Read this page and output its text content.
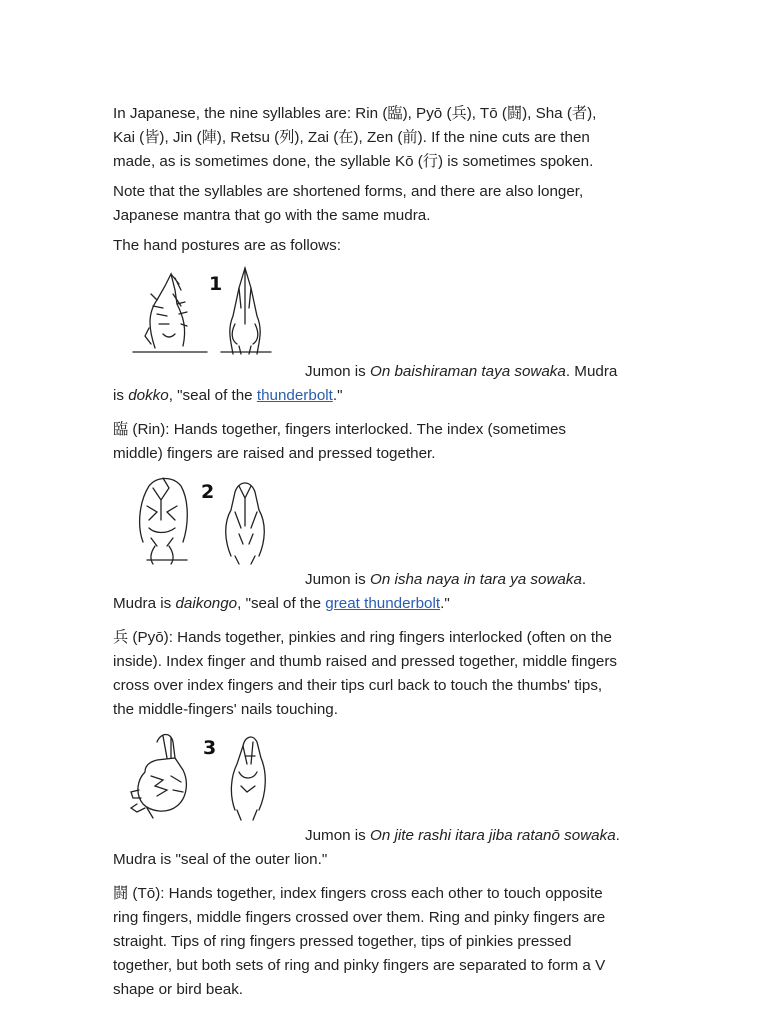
In Japanese, the nine syllables are: Rin (臨), Pyō (兵), Tō (闘), Sha (者),
Kai (皆), Jin (陣), Retsu (列), Zai (在), Zen (前). If the nine cuts are then
made, as is sometimes done, the syllable Kō (行) is sometimes spoken.

Note that the syllables are shortened forms, and there are also longer,
Japanese mantra that go with the same mudra.

The hand postures are as follows:

1

Jumon is On baishiraman taya sowaka. Mudra
is dokko, "seal of the thunderbolt."

臨 (Rin): Hands together, fingers interlocked. The index (sometimes
middle) fingers are raised and pressed together.

2

Jumon is On isha naya in tara ya sowaka.
Mudra is daikongo, "seal of the great thunderbolt."

兵 (Pyō): Hands together, pinkies and ring fingers interlocked (often on the
inside). Index finger and thumb raised and pressed together, middle fingers
cross over index fingers and their tips curl back to touch the thumbs' tips,
the middle-fingers' nails touching.

3

Jumon is On jite rashi itara jiba ratanō sowaka.
Mudra is "seal of the outer lion."

闘 (Tō): Hands together, index fingers cross each other to touch opposite
ring fingers, middle fingers crossed over them. Ring and pinky fingers are
straight. Tips of ring fingers pressed together, tips of pinkies pressed
together, but both sets of ring and pinky fingers are separated to form a V
shape or bird beak.
